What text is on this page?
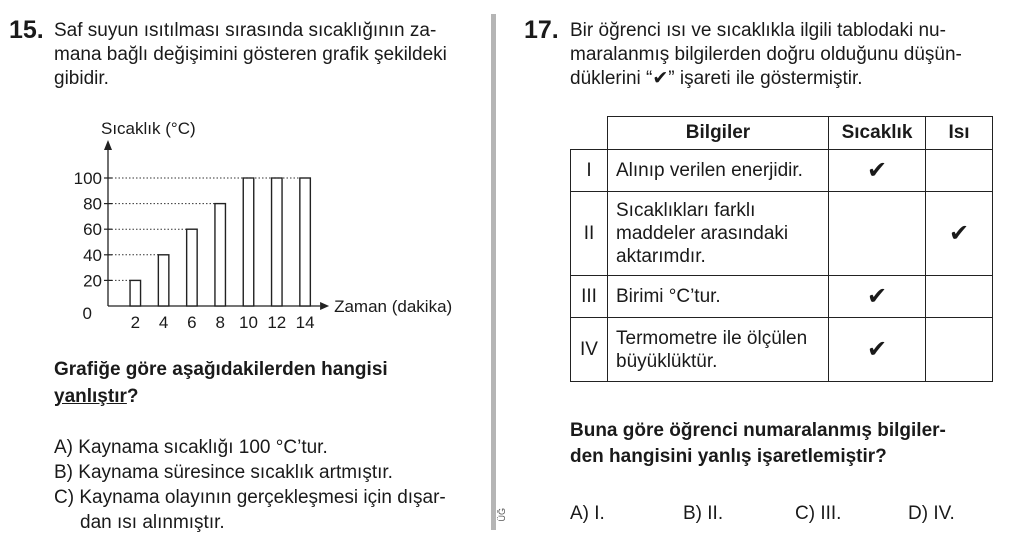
15. Saf suyun ısıtılması sırasında sıcaklığının za-
mana bağlı değişimini gösteren grafik şekildeki
gibidir.
Sıcaklık (°C)
Zaman (dakika)
0 2 4 6 8 10 12 14
20
40
60
80
100
Grafiğe göre aşağıdakilerden hangisi
yanlıştır?
A) Kaynama sıcaklığı 100 °C’tur.
B) Kaynama süresince sıcaklık artmıştır.
C) Kaynama olayının gerçekleşmesi için dışar-
dan ısı alınmıştır.	ÜĞ
17. Bir öğrenci ısı ve sıcaklıkla ilgili tablodaki nu-
maralanmış bilgilerden doğru olduğunu düşün-
düklerini “✔” işareti ile göstermiştir.
	Bilgiler	Sıcaklık	Isı
I	Alınıp verilen enerjidir.	✔	
II	Sıcaklıkları farklı maddeler arasındaki aktarımdır.		✔
III	Birimi °C’tur.	✔	
IV	Termometre ile ölçülen büyüklüktür.	✔	
Buna göre öğrenci numaralanmış bilgiler-
den hangisini yanlış işaretlemiştir?
A) I.	B) II.	C) III.	D) IV.
